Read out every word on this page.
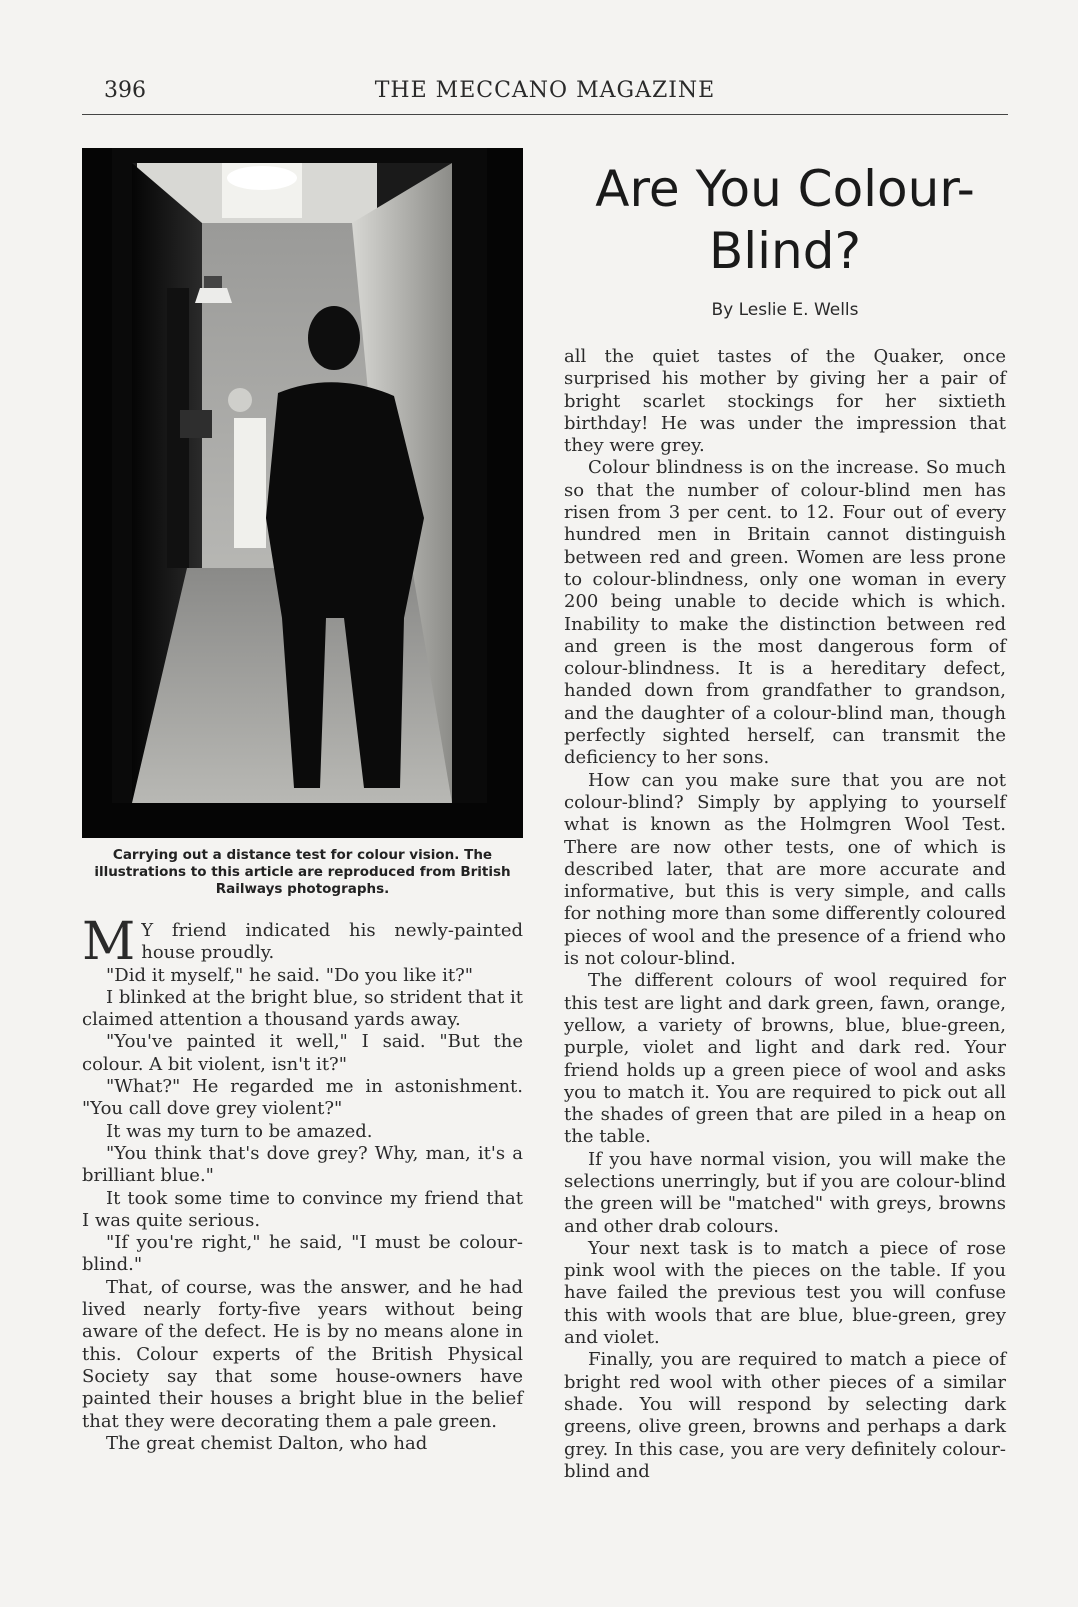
396	THE MECCANO MAGAZINE
Carrying out a distance test for colour vision. The illustrations to this article are reproduced from British Railways photographs.
Are You Colour-Blind?
By Leslie E. Wells

M Y friend indicated his newly-painted house proudly.

"Did it myself," he said. "Do you like it?"

I blinked at the bright blue, so strident that it claimed attention a thousand yards away.

"You've painted it well," I said. "But the colour. A bit violent, isn't it?"

"What?" He regarded me in astonishment. "You call dove grey violent?"

It was my turn to be amazed.

"You think that's dove grey? Why, man, it's a brilliant blue."

It took some time to convince my friend that I was quite serious.

"If you're right," he said, "I must be colour-blind."

That, of course, was the answer, and he had lived nearly forty-five years without being aware of the defect. He is by no means alone in this. Colour experts of the British Physical Society say that some house-owners have painted their houses a bright blue in the belief that they were decorating them a pale green.

The great chemist Dalton, who had

all the quiet tastes of the Quaker, once surprised his mother by giving her a pair of bright scarlet stockings for her sixtieth birthday! He was under the impression that they were grey.

Colour blindness is on the increase. So much so that the number of colour-blind men has risen from 3 per cent. to 12. Four out of every hundred men in Britain cannot distinguish between red and green. Women are less prone to colour-blindness, only one woman in every 200 being unable to decide which is which. Inability to make the distinction between red and green is the most dangerous form of colour-blindness. It is a hereditary defect, handed down from grandfather to grandson, and the daughter of a colour-blind man, though perfectly sighted herself, can transmit the deficiency to her sons.

How can you make sure that you are not colour-blind? Simply by applying to yourself what is known as the Holmgren Wool Test. There are now other tests, one of which is described later, that are more accurate and informative, but this is very simple, and calls for nothing more than some differently coloured pieces of wool and the presence of a friend who is not colour-blind.

The different colours of wool required for this test are light and dark green, fawn, orange, yellow, a variety of browns, blue, blue-green, purple, violet and light and dark red. Your friend holds up a green piece of wool and asks you to match it. You are required to pick out all the shades of green that are piled in a heap on the table.

If you have normal vision, you will make the selections unerringly, but if you are colour-blind the green will be "matched" with greys, browns and other drab colours.

Your next task is to match a piece of rose pink wool with the pieces on the table. If you have failed the previous test you will confuse this with wools that are blue, blue-green, grey and violet.

Finally, you are required to match a piece of bright red wool with other pieces of a similar shade. You will respond by selecting dark greens, olive green, browns and perhaps a dark grey. In this case, you are very definitely colour-blind and
